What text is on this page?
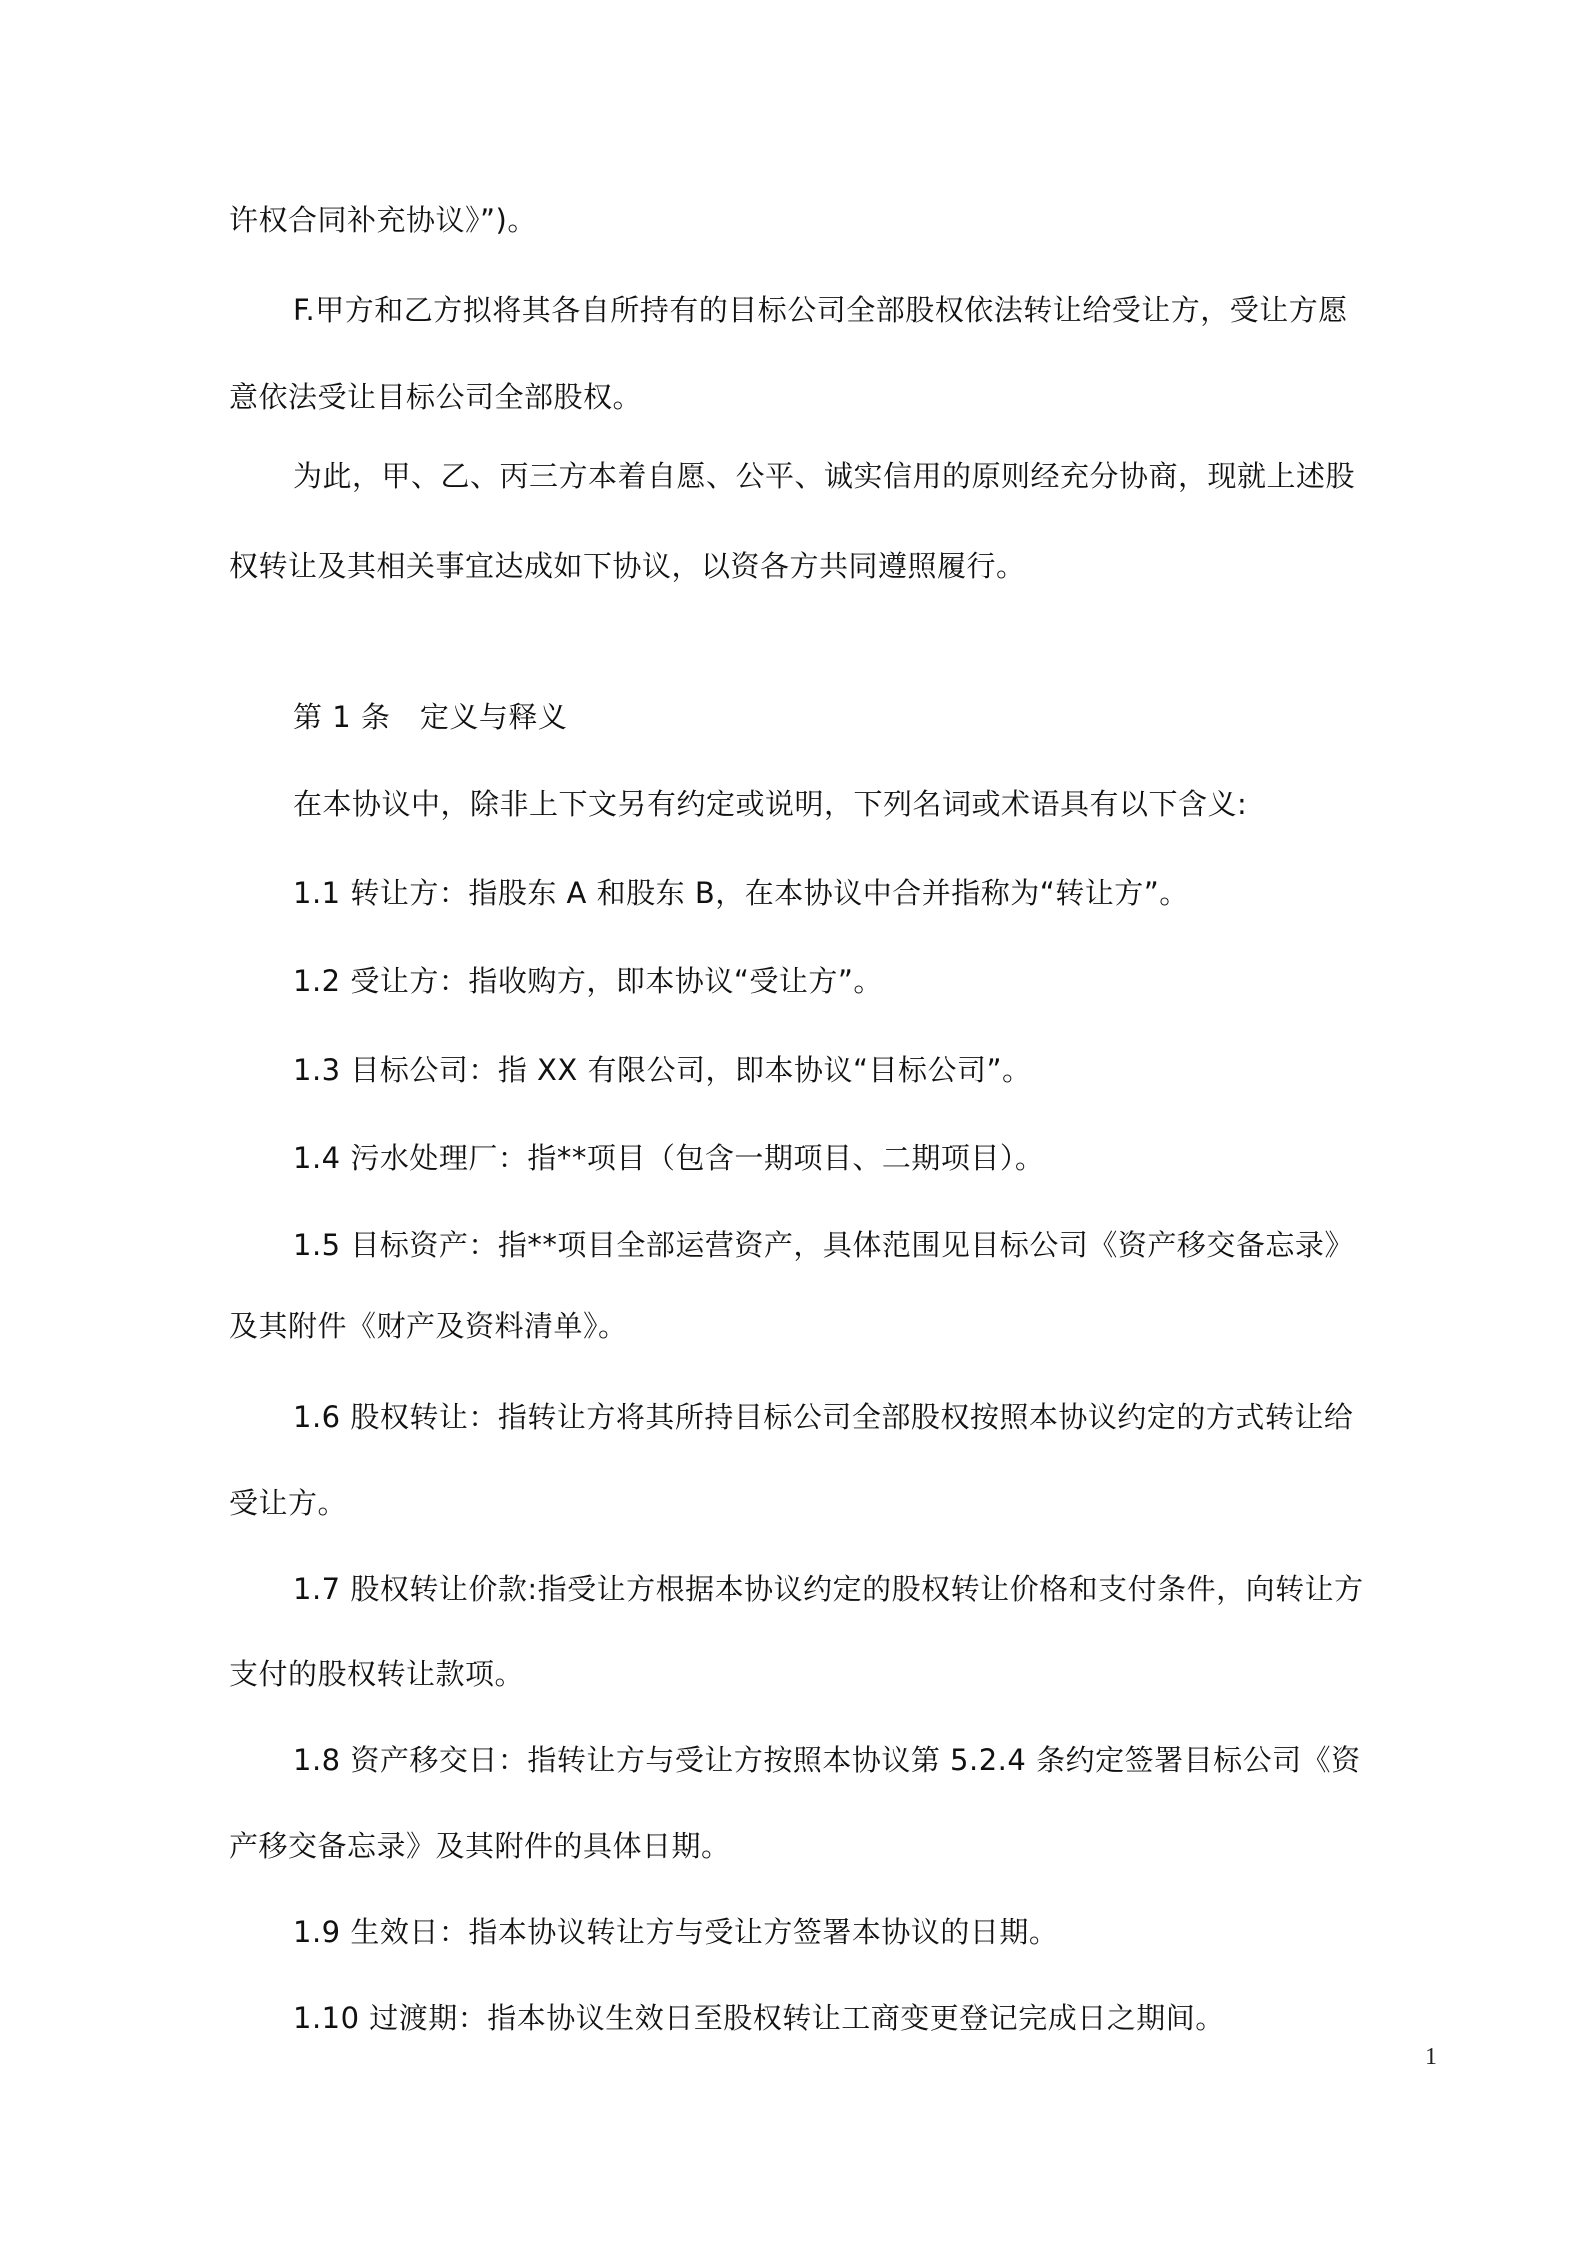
许权合同补充协议》”)。
F.甲方和乙方拟将其各自所持有的目标公司全部股权依法转让给受让方，受让方愿
意依法受让目标公司全部股权。
为此，甲、乙、丙三方本着自愿、公平、诚实信用的原则经充分协商，现就上述股
权转让及其相关事宜达成如下协议，以资各方共同遵照履行。
第 1 条　定义与释义
在本协议中，除非上下文另有约定或说明，下列名词或术语具有以下含义:
1.1 转让方：指股东 A 和股东 B，在本协议中合并指称为“转让方”。
1.2 受让方：指收购方，即本协议“受让方”。
1.3 目标公司：指 XX 有限公司，即本协议“目标公司”。
1.4 污水处理厂：指**项目（包含一期项目、二期项目）。
1.5 目标资产：指**项目全部运营资产，具体范围见目标公司《资产移交备忘录》
及其附件《财产及资料清单》。
1.6 股权转让：指转让方将其所持目标公司全部股权按照本协议约定的方式转让给
受让方。
1.7 股权转让价款:指受让方根据本协议约定的股权转让价格和支付条件，向转让方
支付的股权转让款项。
1.8 资产移交日：指转让方与受让方按照本协议第 5.2.4 条约定签署目标公司《资
产移交备忘录》及其附件的具体日期。
1.9 生效日：指本协议转让方与受让方签署本协议的日期。
1.10 过渡期：指本协议生效日至股权转让工商变更登记完成日之期间。
1
